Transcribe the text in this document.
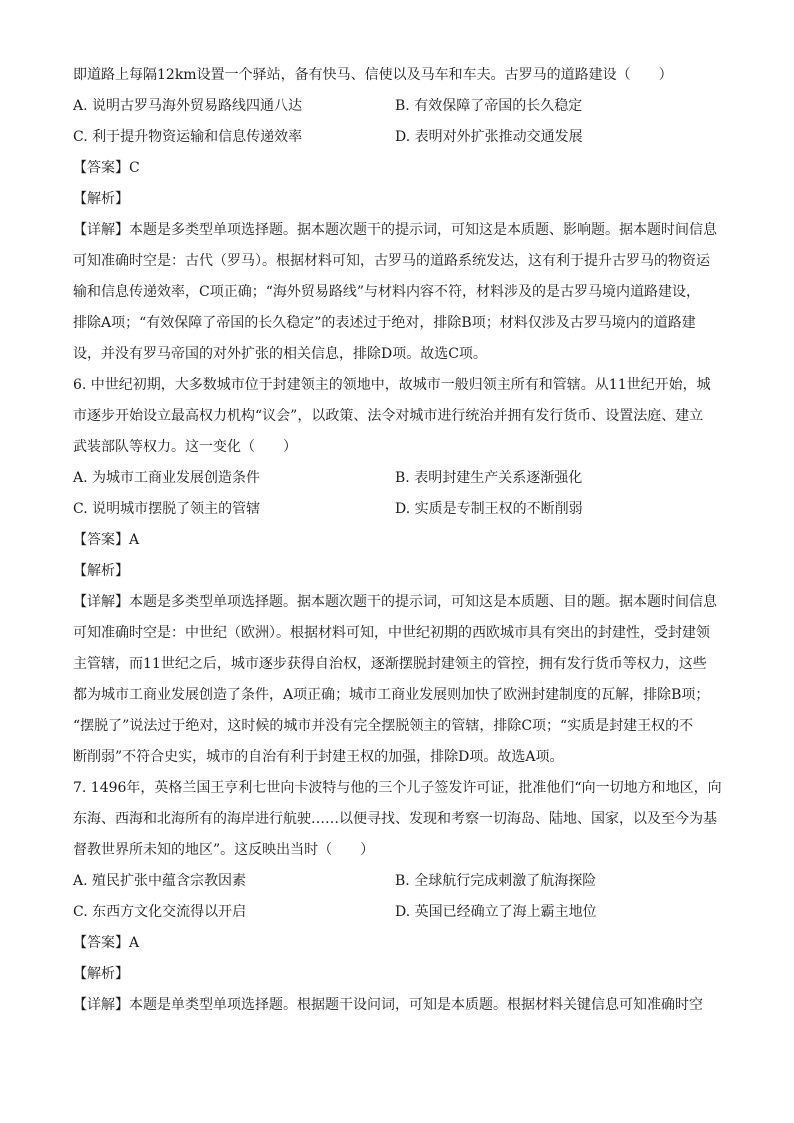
即道路上每隔12km设置一个驿站，备有快马、信使以及马车和车夫。古罗马的道路建设（　　）
A. 说明古罗马海外贸易路线四通八达	B. 有效保障了帝国的长久稳定
C. 利于提升物资运输和信息传递效率	D. 表明对外扩张推动交通发展
【答案】C
【解析】
【详解】本题是多类型单项选择题。据本题次题干的提示词，可知这是本质题、影响题。据本题时间信息
可知准确时空是：古代（罗马）。根据材料可知，古罗马的道路系统发达，这有利于提升古罗马的物资运
输和信息传递效率，C项正确；“海外贸易路线”与材料内容不符，材料涉及的是古罗马境内道路建设，
排除A项；“有效保障了帝国的长久稳定”的表述过于绝对，排除B项；材料仅涉及古罗马境内的道路建
设，并没有罗马帝国的对外扩张的相关信息，排除D项。故选C项。
6. 中世纪初期，大多数城市位于封建领主的领地中，故城市一般归领主所有和管辖。从11世纪开始，城
市逐步开始设立最高权力机构“议会”，以政策、法令对城市进行统治并拥有发行货币、设置法庭、建立
武装部队等权力。这一变化（　　）
A. 为城市工商业发展创造条件	B. 表明封建生产关系逐渐强化
C. 说明城市摆脱了领主的管辖	D. 实质是专制王权的不断削弱
【答案】A
【解析】
【详解】本题是多类型单项选择题。据本题次题干的提示词，可知这是本质题、目的题。据本题时间信息
可知准确时空是：中世纪（欧洲）。根据材料可知，中世纪初期的西欧城市具有突出的封建性，受封建领
主管辖，而11世纪之后，城市逐步获得自治权，逐渐摆脱封建领主的管控，拥有发行货币等权力，这些
都为城市工商业发展创造了条件，A项正确；城市工商业发展则加快了欧洲封建制度的瓦解，排除B项；
“摆脱了”说法过于绝对，这时候的城市并没有完全摆脱领主的管辖，排除C项；“实质是封建王权的不
断削弱”不符合史实，城市的自治有利于封建王权的加强，排除D项。故选A项。
7. 1496年，英格兰国王亨利七世向卡波特与他的三个儿子签发许可证，批准他们“向一切地方和地区，向
东海、西海和北海所有的海岸进行航驶……以便寻找、发现和考察一切海岛、陆地、国家，以及至今为基
督教世界所未知的地区”。这反映出当时（　　）
A. 殖民扩张中蕴含宗教因素	B. 全球航行完成刺激了航海探险
C. 东西方文化交流得以开启	D. 英国已经确立了海上霸主地位
【答案】A
【解析】
【详解】本题是单类型单项选择题。根据题干设问词，可知是本质题。根据材料关键信息可知准确时空
